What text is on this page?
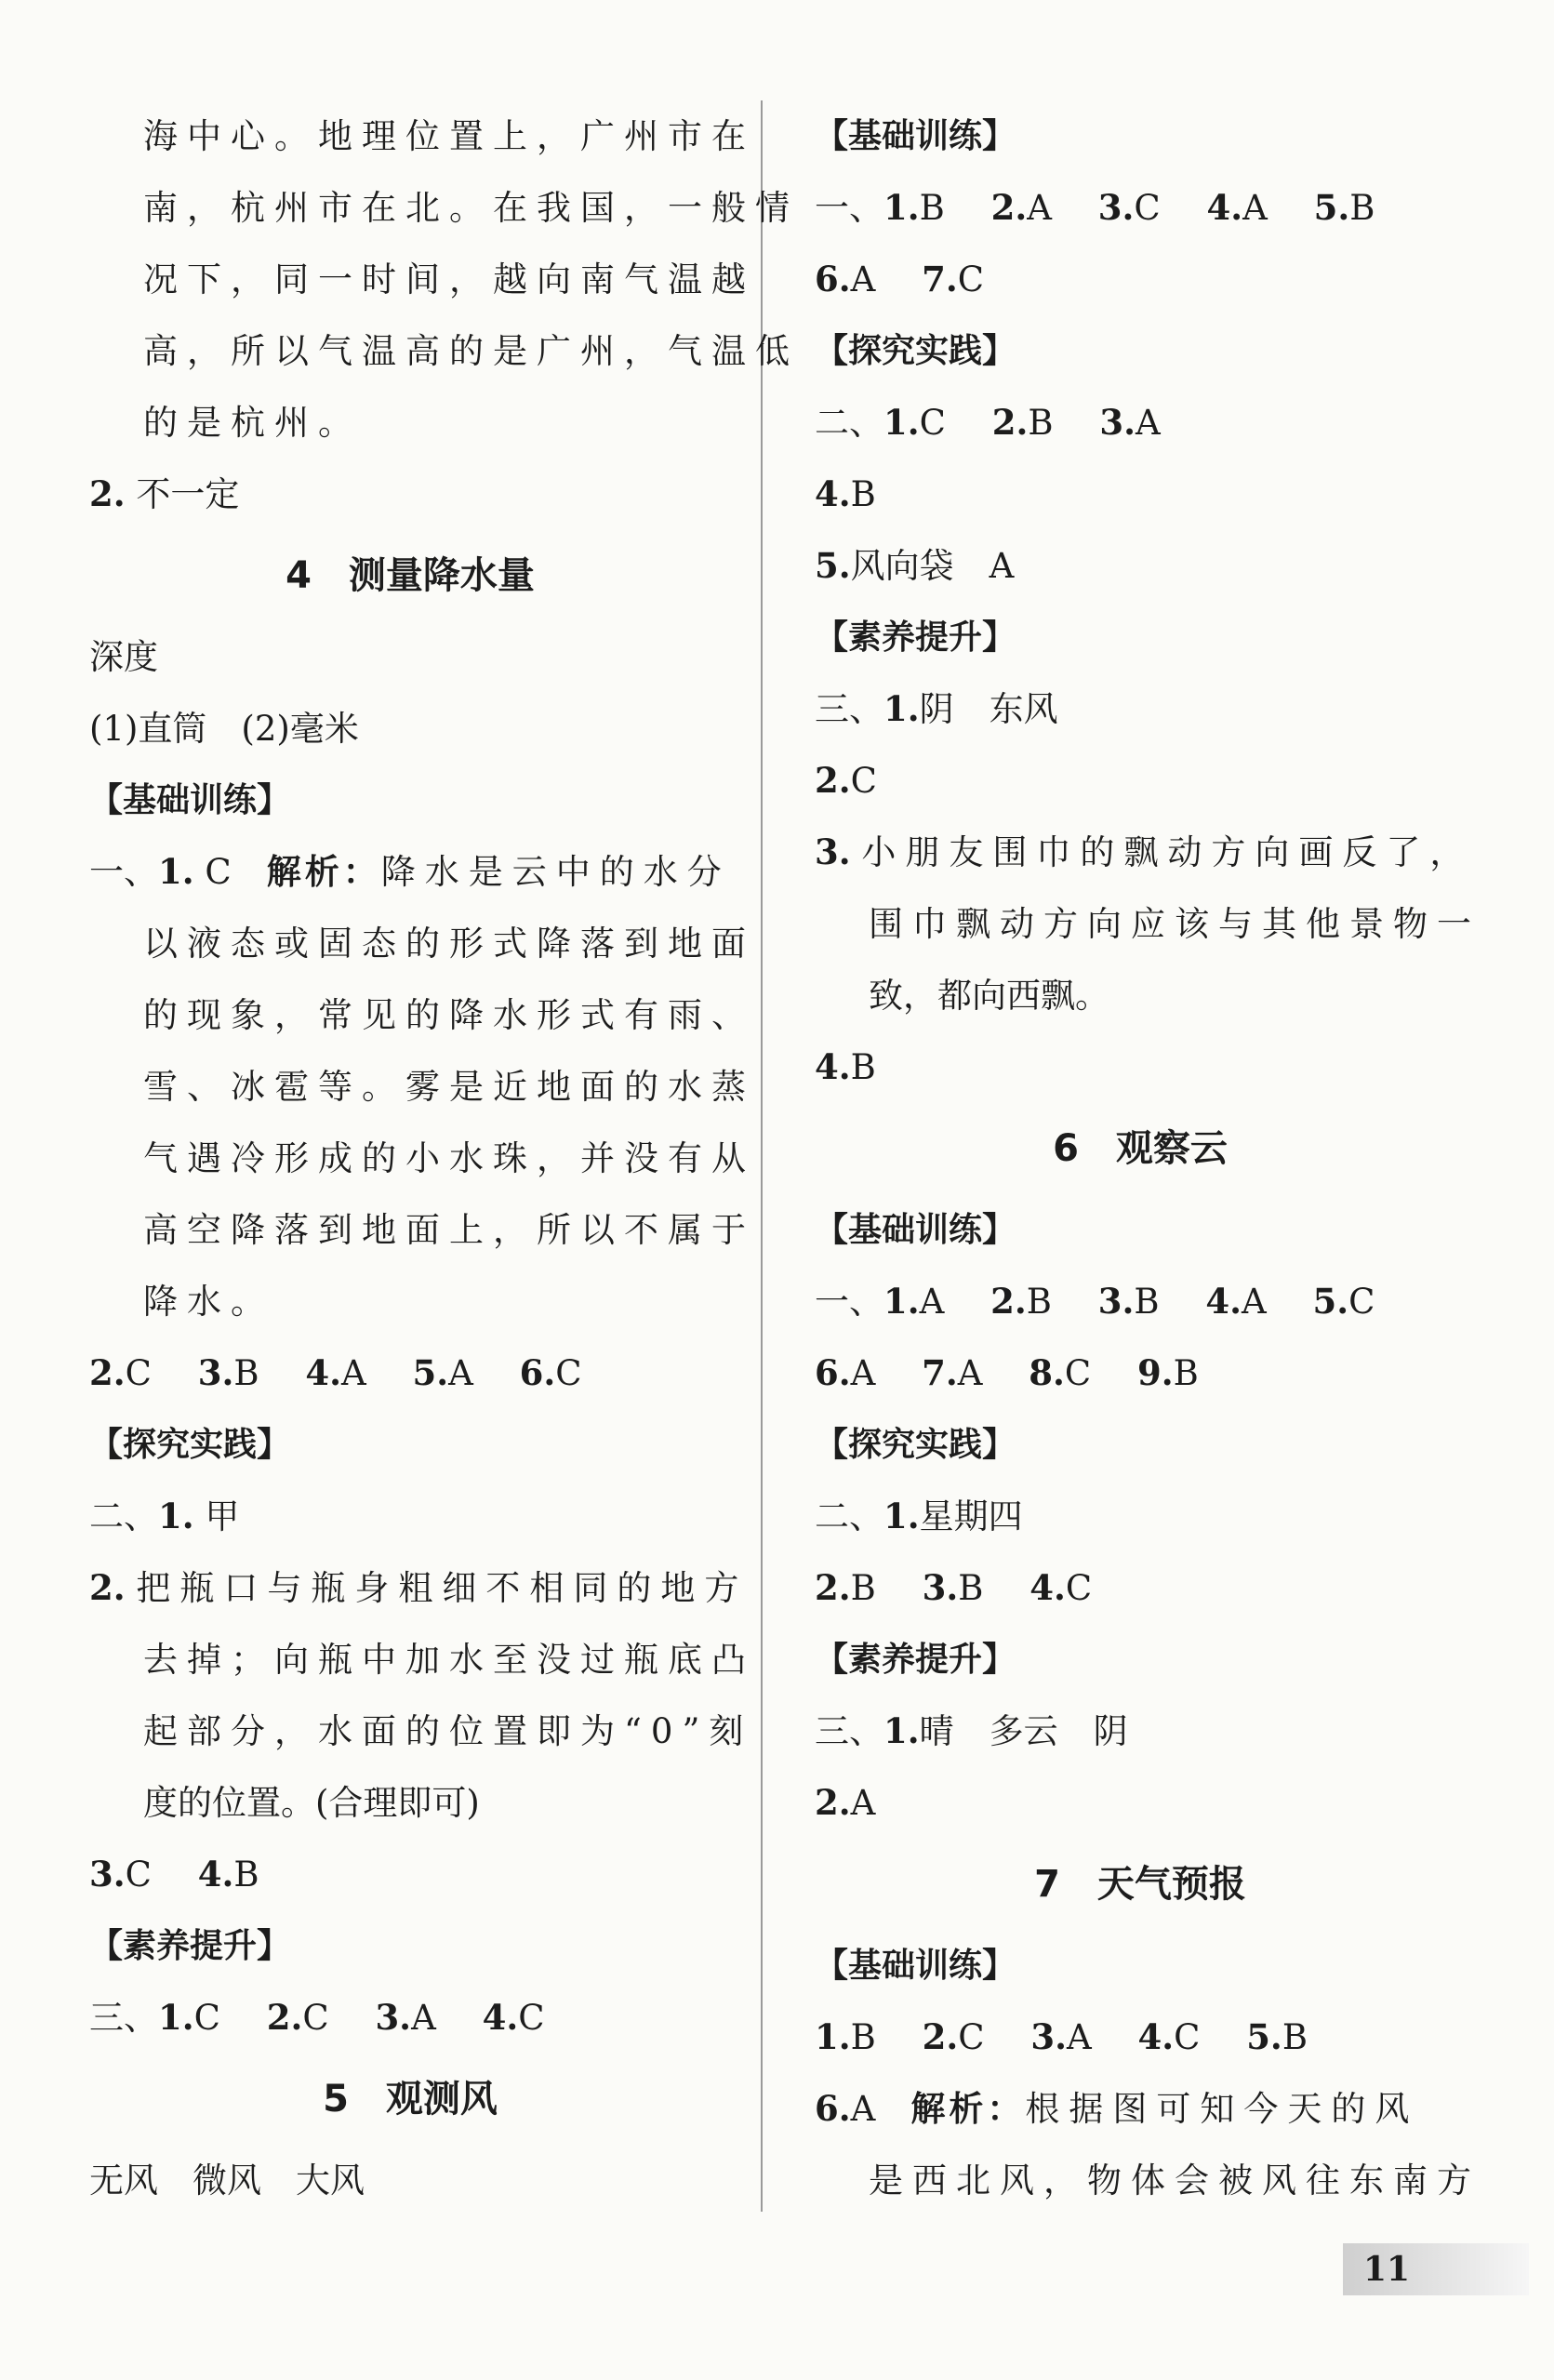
海中心。地理位置上，广州市在
南，杭州市在北。在我国，一般情
况下，同一时间，越向南气温越
高，所以气温高的是广州，气温低
的是杭州。
2. 不一定
4 测量降水量
深度
(1)直筒　(2)毫米
【基础训练】
一、1. C 解析：降水是云中的水分
以液态或固态的形式降落到地面
的现象，常见的降水形式有雨、
雪、冰雹等。雾是近地面的水蒸
气遇冷形成的小水珠，并没有从
高空降落到地面上，所以不属于
降水。
2.C 3.B 4.A 5.A 6.C
【探究实践】
二、1. 甲
2. 把瓶口与瓶身粗细不相同的地方
去掉；向瓶中加水至没过瓶底凸
起部分，水面的位置即为“0”刻
度的位置。(合理即可)
3.C 4.B
【素养提升】
三、1.C 2.C 3.A 4.C
5 观测风
无风　微风　大风
【基础训练】
一、1.B 2.A 3.C 4.A 5.B
6.A 7.C
【探究实践】
二、1.C 2.B 3.A
4.B
5.风向袋 A
【素养提升】
三、1.阴 东风
2.C
3. 小朋友围巾的飘动方向画反了，
围巾飘动方向应该与其他景物一
致，都向西飘。
4.B
6 观察云
【基础训练】
一、1.A 2.B 3.B 4.A 5.C
6.A 7.A 8.C 9.B
【探究实践】
二、1.星期四
2.B 3.B 4.C
【素养提升】
三、1.晴 多云 阴
2.A
7 天气预报
【基础训练】
1.B 2.C 3.A 4.C 5.B
6.A 解析：根据图可知今天的风
是西北风，物体会被风往东南方
11
